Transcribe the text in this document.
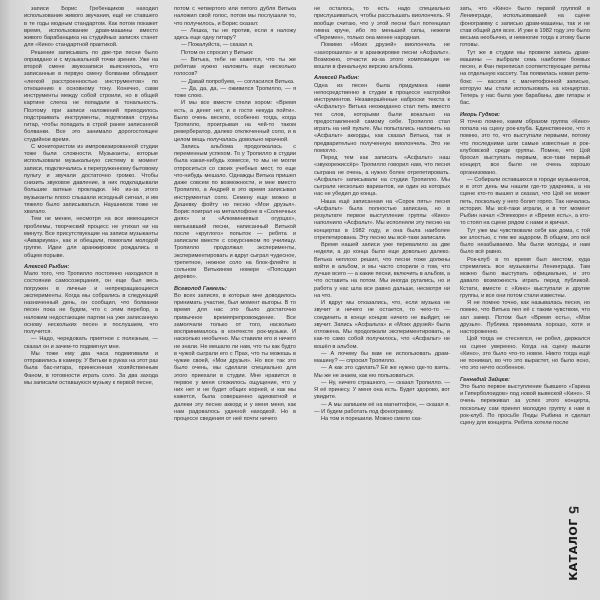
записи Борис Гребенщиков находил использование живого звучания, ещё не ставшего в те годы модным стандартом. Как потом покажет время, использование драм-машины вместо живого барабанщика на студийных записях станет для «Кино» стандартной практикой.

Решение записывать по две-три песни было оправдано и с музыкальной точки зрения. Уже на второй смене звукозаписи выяснилось, что записанные в первую смену болванки обладают «легкой расстроенностью инструментов» по отношению к основному тону. Конечно, сами инструменты между собой строили, но в общей картине слегка не попадали в тональность. Поэтому при записи наложений приходилось подстраивать инструменты, подтягивая струны гитар, чтобы попадать в строй ранее записанной болванки. Все это занимало дорогостоящее студийное время.

С монитористом из импровизированной студии тоже были сложности. Музыканты, которые использовали музыкальную систему в момент записи, подключались к перегруженному бытовому пульту и звучали достаточно громко. Чтобы снизить звуковое давление, в них подкладывали большие ватные прокладки. Но из-за этого музыканты плохо слышали исходный сигнал, и им тяжело было записываться. Наушников тоже не хватало.

Тем не менее, несмотря на все имеющиеся проблемы, творческий процесс не утихал ни на минуту. Все присутствующие на записи музыканты «Аквариума», как и обещали, помогали молодой группе. Идеи для аранжировок рождались в общем порыве.

Алексей Рыбин:

Мало того, что Тропилло постоянно находился в состоянии самосозерцания, он еще был весь погружен в личные и непрекращающиеся эксперименты. Когда мы собрались в следующий назначенный день, он сообщил, что болванки песен пока не будем, что с этим перебор, а наложим недостающие партии на уже записанную основу нескольких песен и послушаем, что получится.

— Надо, чередовать приятное с полезным, — сказал он и зачем-то подмигнул мне.

Мы тоже ему два часа подмигивали и отправились в камеру. У Витьки в руках на этот раз была бас-гитара, принесенная хозяйственным Фаном, в готовности играть соло. За два захода мы записали оставшуюся музыку к первой песне,

потом с четвертого или пятого дубля Витька наложил свой голос, потом мы послушали то, что получилось, и Борис сказал:

— Лешка, ты не против, если я наложу здесь еще одну гитару?

— Пожалуйста, — сказал я.

Потом он спросил у Витьки:

— Витька, тебе не кажется, что ты же ребятам нужно наложить еще несколько голосов?

— Давай попробуем, — согласился Витька.

— Да, да, да, — оживился Тропилло, — я тоже слою.

И мы все вместе спели хором: «Время есть, а денег нет, и в гости некуда пойти». Было очень весело, особенно тогда, когда Тропилло, проигрывая на чей-то таком ревербератор, далеко отключенный соло, и в целом вещь получалась довольно мрачной.

Запись альбома продолжалась с переменным успехом. То у Тропилло в студии была какая-нибудь хомессе, то мы не могли отпроситься со своих учебных мест, то еще что-нибудь мешало. Однажды Витька пришел даже совсем по возможности, и мне вместо Тропилло, а Андрей в это время записывал инструментал соло. Семену еще можно в Дешевку фойту но песню «Мои друзья». Борис поиграл на металлофоне в «Солнечных днях» и «Алюминиевых огурцах», мелькавший песни, написанный Витькой после «круглого» попыток — ребята и записали вместе с сокурсником по училищу. Тропилло продолжал эксперименты, экспериментировать и вдруг сыграл чудесное, трепетное, нежное соло на блок-флейте в сольном Витькином номере «Попсадил дерево».

Всеволод Гаккель:

Во всех записях, в которых мне доводилось принимать участие, был момент выгоры. В то время для нас это было достаточно привычное времяпрепровождение. Все замолчали только от того, насколько воспринималось в контексте рок-музыки. И насколько необычно. Мы ставили его и ничего не знали. Не мешало ли нам, что ты как будто в чужой сыграли его с Прах, что ты можешь в чужие своей, «Мои друзья». Но все так это было очень, мы сделали специально для этого приехали в студии. Мне нравится в первое у меня сложилось ощущение, что у них нет и не будет общих корней, и как мы кажется, была совершенно адекватной и далеки эту песню аккорд и у меня меня, как нам радовалось удачной находкой. Но в процессе сведения от неё почти ничего

не осталось, то есть надо специально прислушиваться, чтобы расслышать виолончель. Я вообще считаю, что у этой песни был потенциал гимна круче, ибо по меньшей силы, нежели «Перемен», только она менее народная.

Помимо «Моих друзей» виолончель не «захорошила» и в аранжировке песни «Асфальт». Возможно, отчасти из-за этого композиции не вошли в финальную версию альбома.

Алексей Рыбин:

Одна из песен была придумана нами непосредственно в студии в процессе настройки инструментов. Незавершённые наброски текста к «Асфальту» Витька неожиданно стал петь вместо тех слов, которыми были вокально на предоставленной самому себе. Тропилло стал играть на ней пульте. Мы попытались наложить на «Асфальт» аккорды, как сказал Витька, так и предварительно полученную виолончель. Это не помогло.

Перед тем как записать «Асфальт» наш «звукорежиссёр» Тропилло говорил нам, что песня сыграна не очень, а нужно более отрепетировать. «Асфальт» записывали на студии Тропилло. Мы сыграли несколько вариантов, ни один из которых нас не убедил до конца.

Наша ещё записанная на «Сорок пять» песня «Асфальт» была полностью записана, но в результате первое выступление группы «Кино» наполнило «Асфальт». Мы исполняли эту песню на концертах в 1982 году, и она была наиболее отрепетирована. Эту песню мы всё-таки записали.

Время нашей записи уже перевалило за две недели, а до конца было еще довольно далеко. Витька неплохо решил, что песни тоже должны войти в альбом, и мы часто спорили о том, что лучше всего — а какие песни, включить в альбом, а что оставить на потом. Мы иногда ругались, но и работа у нас шла все равно дальше, несмотря ни на что.

И вдруг мы отказались, что, если музыка не звучит и ничего не остается, то чего-то — соединить в конце концов ничего не выйдет, не звучит. Запись «Асфальта» и «Моих друзей» была отложена. Мы продолжали экспериментировать, и как-то само собой получилось, что «Асфальт» не вошёл в альбом.

— А почему бы вам не использовать драм-машину? — спросил Тропилло.

— А как это сделать? Её же нужно где-то взять. Мы же не знаем, как ею пользоваться.

— Ну, ничего страшного, — сказал Тропилло. — Я её принесу. У меня она есть. Будет здорово, вот увидите.

— А мы запишем её на магнитофон, — сказал я. — И будем работать под фонограмму.

На том и порешили. Можно смело ска-

зать, что «Кино» было первой группой в Ленинграде, использовавшей на сцене фонограмму с записью драм-машины, так и не став общей для всех. И уже в 1982 году это было весьма необычно, и немногие тогда к этому были готовы.

Тут же в студии мы провели запись драм-машины — выбрали семь наиболее боевых песен, и Фан переписал соответствующие ритмы на отдельную кассету. Так появилась новая ритм-бокс — кассета с магнитофонной записью, которую мы стали использовать на концертах. Теперь у нас была уже барабаны, две гитары и бас.

Игорь Гудков:

Я точно помню, каким образом группа «Кино» попала на сцену рок-клуба. Единственное, что я помню, это то, что выступали первыми, потому что последними шли самые известные в рок-клубовской среде группы. Помню, что Цой бросил выступать первым, все-таки первый концерт, все было не очень хорошо организовано.

— Собирали оставшихся в городе музыкантов, и в этот день мы нашли где-то ударника, а на сцене кто-то вышел и сказал, что Цой не может петь, поскольку у него болит горло. Так началась история. Мы всё-таки играли, и в тот момент Рыбин начал «Элеккоре» и «Время есть», а кто-то стоял на сцене рядом с нами и кричал.

Тут уже мы чувствовали себя как дома, с той же злостью, с тем же задором. В общем, это всё было незабываемо. Мы были молоды, и нам было всё равно.

Рок-клуб в то время был местом, куда стремились все музыканты Ленинграда. Там можно было выступать официально, и это давало возможность играть перед публикой. Кстати, вместе с «Кино» выступали и другие группы, и все они потом стали известны.

Я не помню точно, как называлась песня, но помню, что Витька пел её с таким чувством, что зал замер. Потом был «Время есть», «Мои друзья». Публика принимала хорошо, хотя и настороженно.

Цой тогда не стеснялся, не робел, держался на сцене уверенно. Когда на сцену вышли «Кино», это было что-то новое. Никто тогда ещё не понимал, во что это вырастет, но было ясно, что это нечто особенное.

Геннадий Зайцев:

Это было первое выступление бывшего «Гарина и Гиперболоидов» под новой вывеской «Кино». Я очень переживал за успех этого концерта, поскольку сам принял молодую группу к нам в рок-клуб. По просьбе Люды Рыбина я сделал сцену для концерта. Ребята хотели после

5
КАТАЛОГ
